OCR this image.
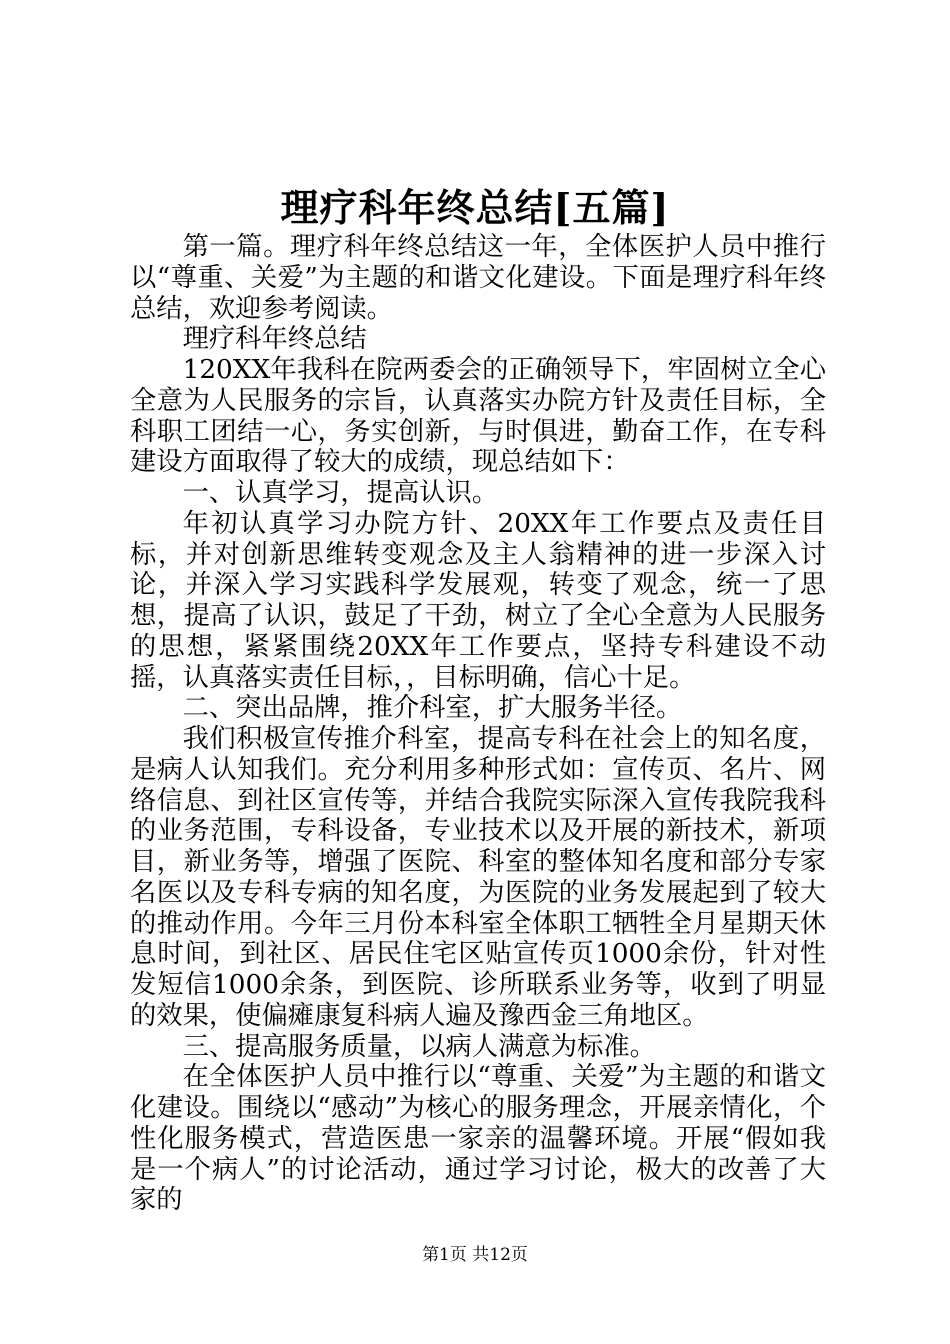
理疗科年终总结[五篇]

第一篇。理疗科年终总结这一年，全体医护人员中推行以“尊重、关爱”为主题的和谐文化建设。下面是理疗科年终总结，欢迎参考阅读。

理疗科年终总结

120XX年我科在院两委会的正确领导下，牢固树立全心全意为人民服务的宗旨，认真落实办院方针及责任目标，全科职工团结一心，务实创新，与时俱进，勤奋工作，在专科建设方面取得了较大的成绩，现总结如下：

一、认真学习，提高认识。

年初认真学习办院方针、20XX年工作要点及责任目标，并对创新思维转变观念及主人翁精神的进一步深入讨论，并深入学习实践科学发展观，转变了观念，统一了思想，提高了认识，鼓足了干劲，树立了全心全意为人民服务的思想，紧紧围绕20XX年工作要点，坚持专科建设不动摇，认真落实责任目标，，目标明确，信心十足。

二、突出品牌，推介科室，扩大服务半径。

我们积极宣传推介科室，提高专科在社会上的知名度，是病人认知我们。充分利用多种形式如：宣传页、名片、网络信息、到社区宣传等，并结合我院实际深入宣传我院我科的业务范围，专科设备，专业技术以及开展的新技术，新项目，新业务等，增强了医院、科室的整体知名度和部分专家名医以及专科专病的知名度，为医院的业务发展起到了较大的推动作用。今年三月份本科室全体职工牺牲全月星期天休息时间，到社区、居民住宅区贴宣传页1000余份，针对性发短信1000余条，到医院、诊所联系业务等，收到了明显的效果，使偏瘫康复科病人遍及豫西金三角地区。

三、提高服务质量，以病人满意为标准。

在全体医护人员中推行以“尊重、关爱”为主题的和谐文化建设。围绕以“感动”为核心的服务理念，开展亲情化，个性化服务模式，营造医患一家亲的温馨环境。开展“假如我是一个病人”的讨论活动，通过学习讨论，极大的改善了大家的

第1页 共12页
